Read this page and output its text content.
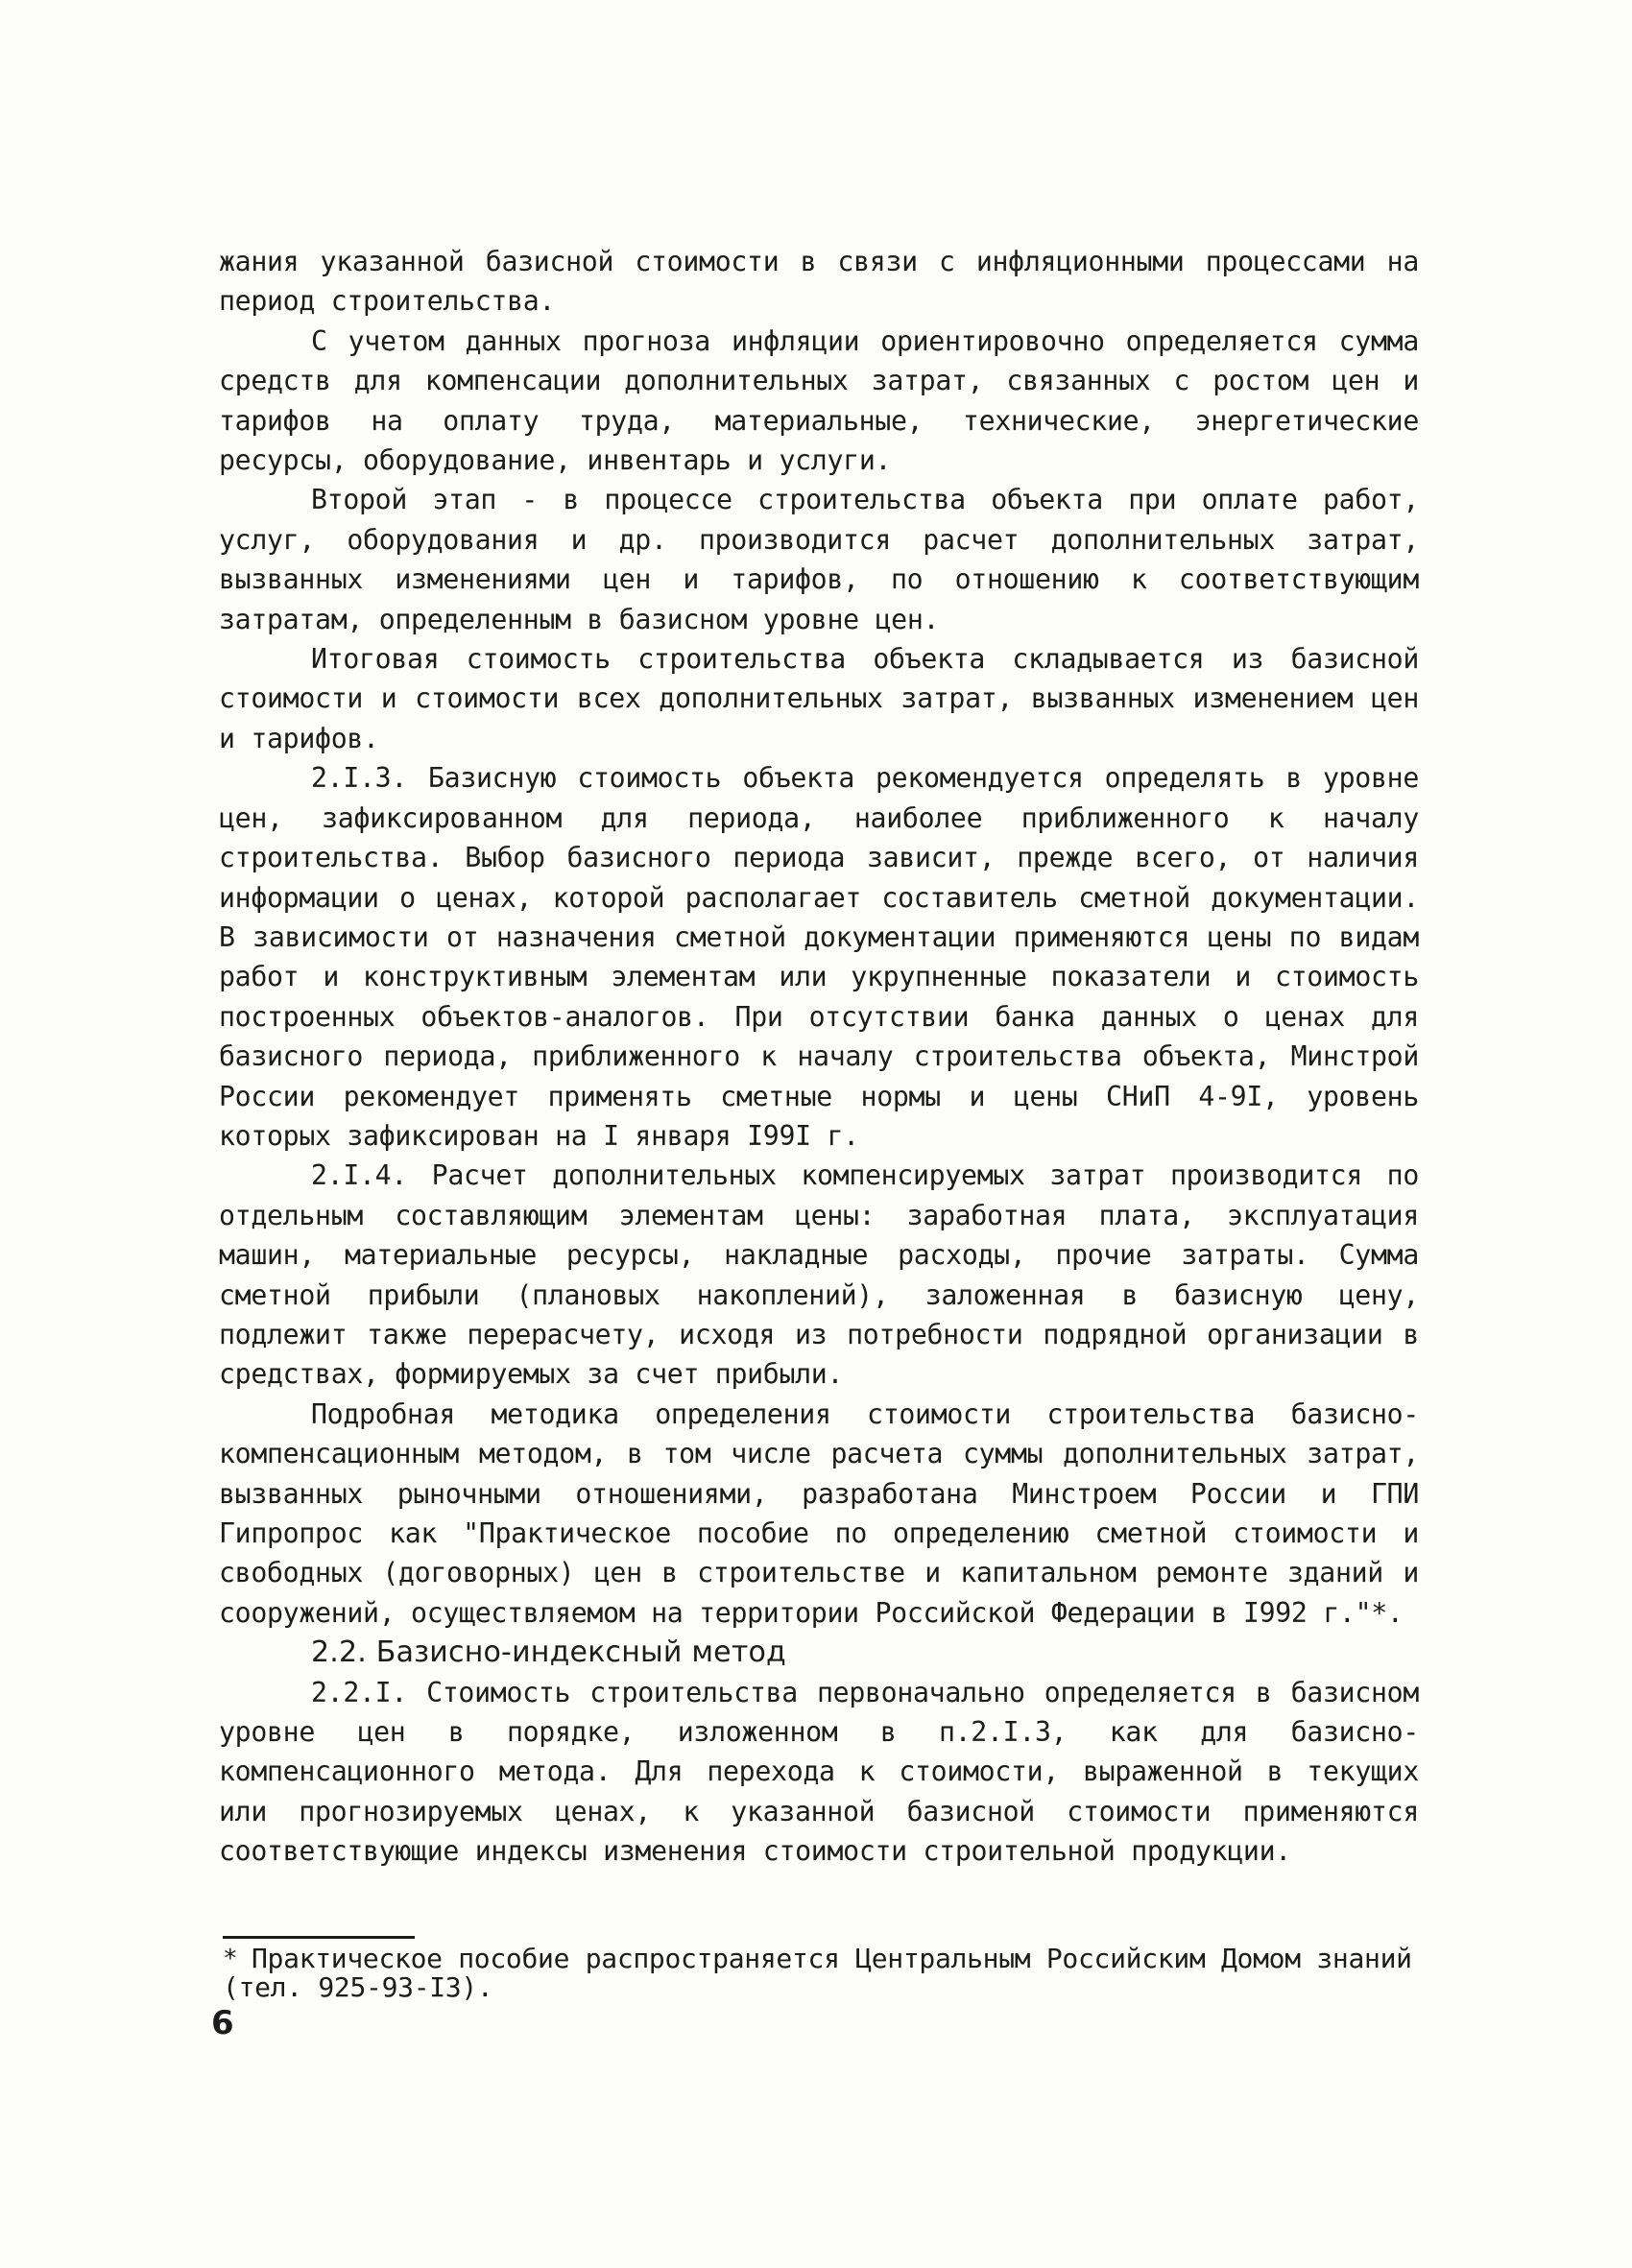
жания указанной базисной стоимости в связи с инфляционными процессами на период строительства.

С учетом данных прогноза инфляции ориентировочно определяется сумма средств для компенсации дополнительных затрат, связанных с ростом цен и тарифов на оплату труда, материальные, технические, энергетические ресурсы, оборудование, инвентарь и услуги.

Второй этап - в процессе строительства объекта при оплате работ, услуг, оборудования и др. производится расчет дополнительных затрат, вызванных изменениями цен и тарифов, по отношению к соответствующим затратам, определенным в базисном уровне цен.

Итоговая стоимость строительства объекта складывается из базисной стоимости и стоимости всех дополнительных затрат, вызванных изменением цен и тарифов.

2.I.3. Базисную стоимость объекта рекомендуется определять в уровне цен, зафиксированном для периода, наиболее приближенного к началу строительства. Выбор базисного периода зависит, прежде всего, от наличия информации о ценах, которой располагает составитель сметной документации. В зависимости от назначения сметной документации применяются цены по видам работ и конструктивным элементам или укрупненные показатели и стоимость построенных объектов-аналогов. При отсутствии банка данных о ценах для базисного периода, приближенного к началу строительства объекта, Минстрой России рекомендует применять сметные нормы и цены СНиП 4-9I, уровень которых зафиксирован на I января I99I г.

2.I.4. Расчет дополнительных компенсируемых затрат производится по отдельным составляющим элементам цены: заработная плата, эксплуатация машин, материальные ресурсы, накладные расходы, прочие затраты. Сумма сметной прибыли (плановых накоплений), заложенная в базисную цену, подлежит также перерасчету, исходя из потребности подрядной организации в средствах, формируемых за счет прибыли.

Подробная методика определения стоимости строительства базисно-компенсационным методом, в том числе расчета суммы дополнительных затрат, вызванных рыночными отношениями, разработана Минстроем России и ГПИ Гипропрос как "Практическое пособие по определению сметной стоимости и свободных (договорных) цен в строительстве и капитальном ремонте зданий и сооружений, осуществляемом на территории Российской Федерации в I992 г."*.

2.2. Базисно-индексный метод

2.2.I. Стоимость строительства первоначально определяется в базисном уровне цен в порядке, изложенном в п.2.I.3, как для базисно-компенсационного метода. Для перехода к стоимости, выраженной в текущих или прогнозируемых ценах, к указанной базисной стоимости применяются соответствующие индексы изменения стоимости строительной продукции.

* Практическое пособие распространяется Центральным Российским Домом знаний (тел. 925-93-I3).
6
